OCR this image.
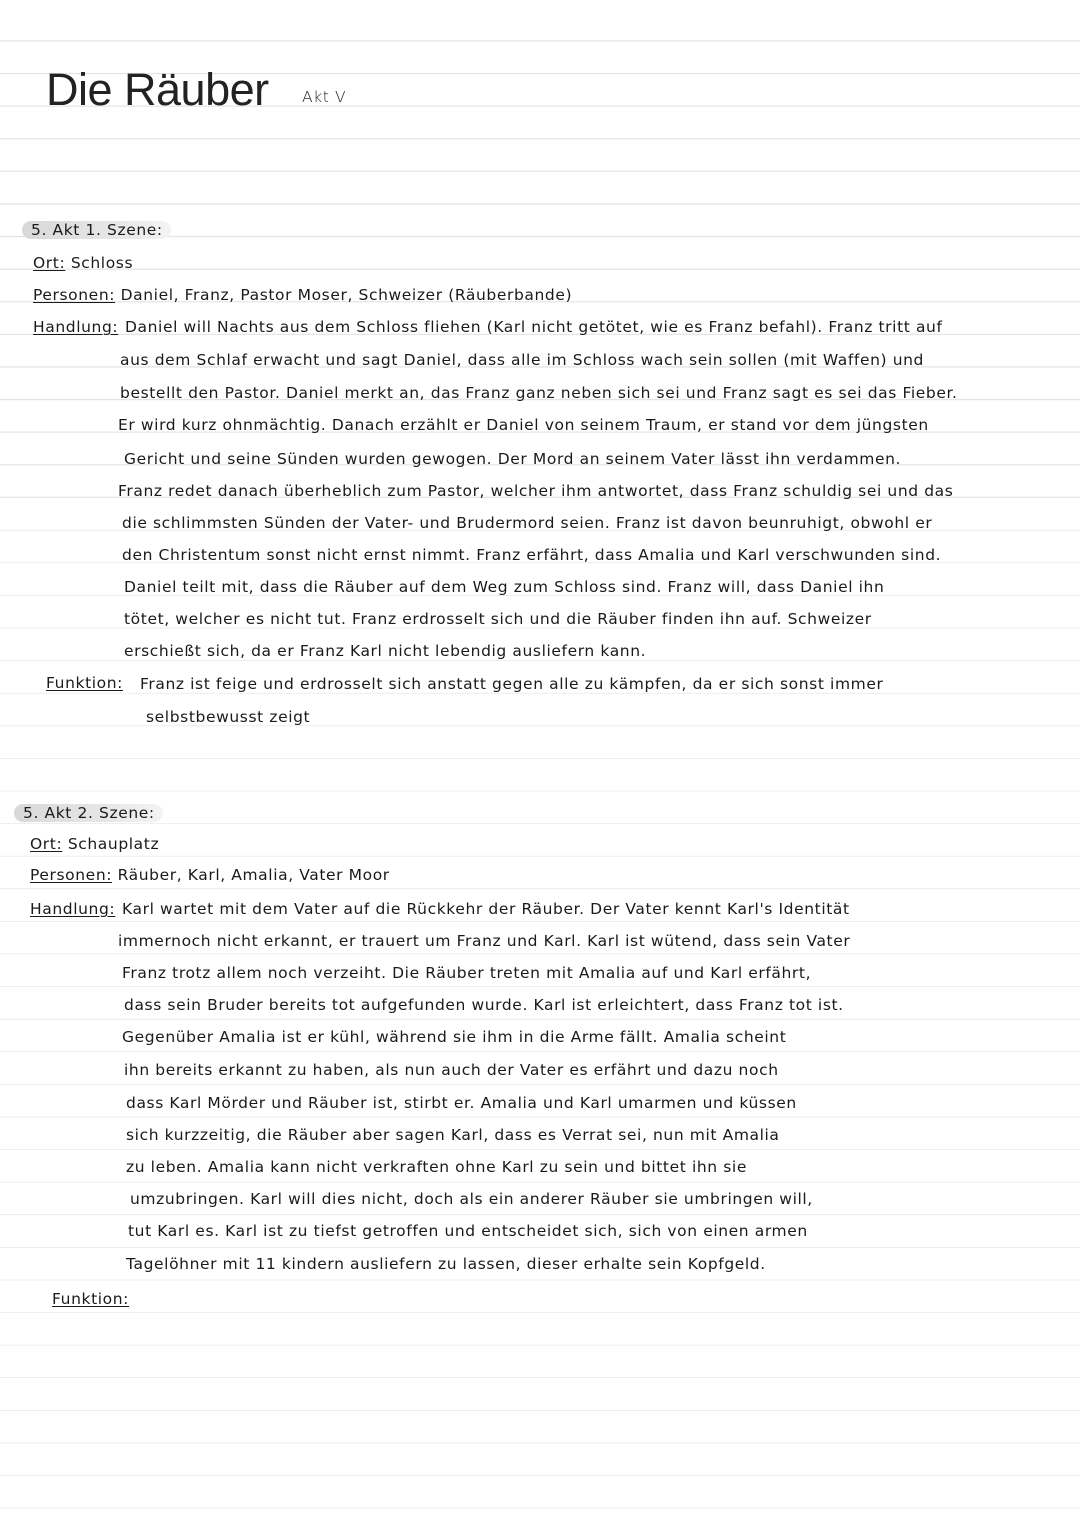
Die Räuber Akt V
5. Akt 1. Szene:
Ort: Schloss
Personen: Daniel, Franz, Pastor Moser, Schweizer (Räuberbande)
Handlung: Daniel will Nachts aus dem Schloss fliehen (Karl nicht getötet, wie es Franz befahl). Franz tritt auf
aus dem Schlaf erwacht und sagt Daniel, dass alle im Schloss wach sein sollen (mit Waffen) und
bestellt den Pastor. Daniel merkt an, das Franz ganz neben sich sei und Franz sagt es sei das Fieber.
Er wird kurz ohnmächtig. Danach erzählt er Daniel von seinem Traum, er stand vor dem jüngsten
Gericht und seine Sünden wurden gewogen. Der Mord an seinem Vater lässt ihn verdammen.
Franz redet danach überheblich zum Pastor, welcher ihm antwortet, dass Franz schuldig sei und das
die schlimmsten Sünden der Vater- und Brudermord seien. Franz ist davon beunruhigt, obwohl er
den Christentum sonst nicht ernst nimmt. Franz erfährt, dass Amalia und Karl verschwunden sind.
Daniel teilt mit, dass die Räuber auf dem Weg zum Schloss sind. Franz will, dass Daniel ihn
tötet, welcher es nicht tut. Franz erdrosselt sich und die Räuber finden ihn auf. Schweizer
erschießt sich, da er Franz Karl nicht lebendig ausliefern kann.
Funktion: Franz ist feige und erdrosselt sich anstatt gegen alle zu kämpfen, da er sich sonst immer
selbstbewusst zeigt
5. Akt 2. Szene:
Ort: Schauplatz
Personen: Räuber, Karl, Amalia, Vater Moor
Handlung: Karl wartet mit dem Vater auf die Rückkehr der Räuber. Der Vater kennt Karl's Identität
immernoch nicht erkannt, er trauert um Franz und Karl. Karl ist wütend, dass sein Vater
Franz trotz allem noch verzeiht. Die Räuber treten mit Amalia auf und Karl erfährt,
dass sein Bruder bereits tot aufgefunden wurde. Karl ist erleichtert, dass Franz tot ist.
Gegenüber Amalia ist er kühl, während sie ihm in die Arme fällt. Amalia scheint
ihn bereits erkannt zu haben, als nun auch der Vater es erfährt und dazu noch
dass Karl Mörder und Räuber ist, stirbt er. Amalia und Karl umarmen und küssen
sich kurzzeitig, die Räuber aber sagen Karl, dass es Verrat sei, nun mit Amalia
zu leben. Amalia kann nicht verkraften ohne Karl zu sein und bittet ihn sie
umzubringen. Karl will dies nicht, doch als ein anderer Räuber sie umbringen will,
tut Karl es. Karl ist zu tiefst getroffen und entscheidet sich, sich von einen armen
Tagelöhner mit 11 kindern ausliefern zu lassen, dieser erhalte sein Kopfgeld.
Funktion:
